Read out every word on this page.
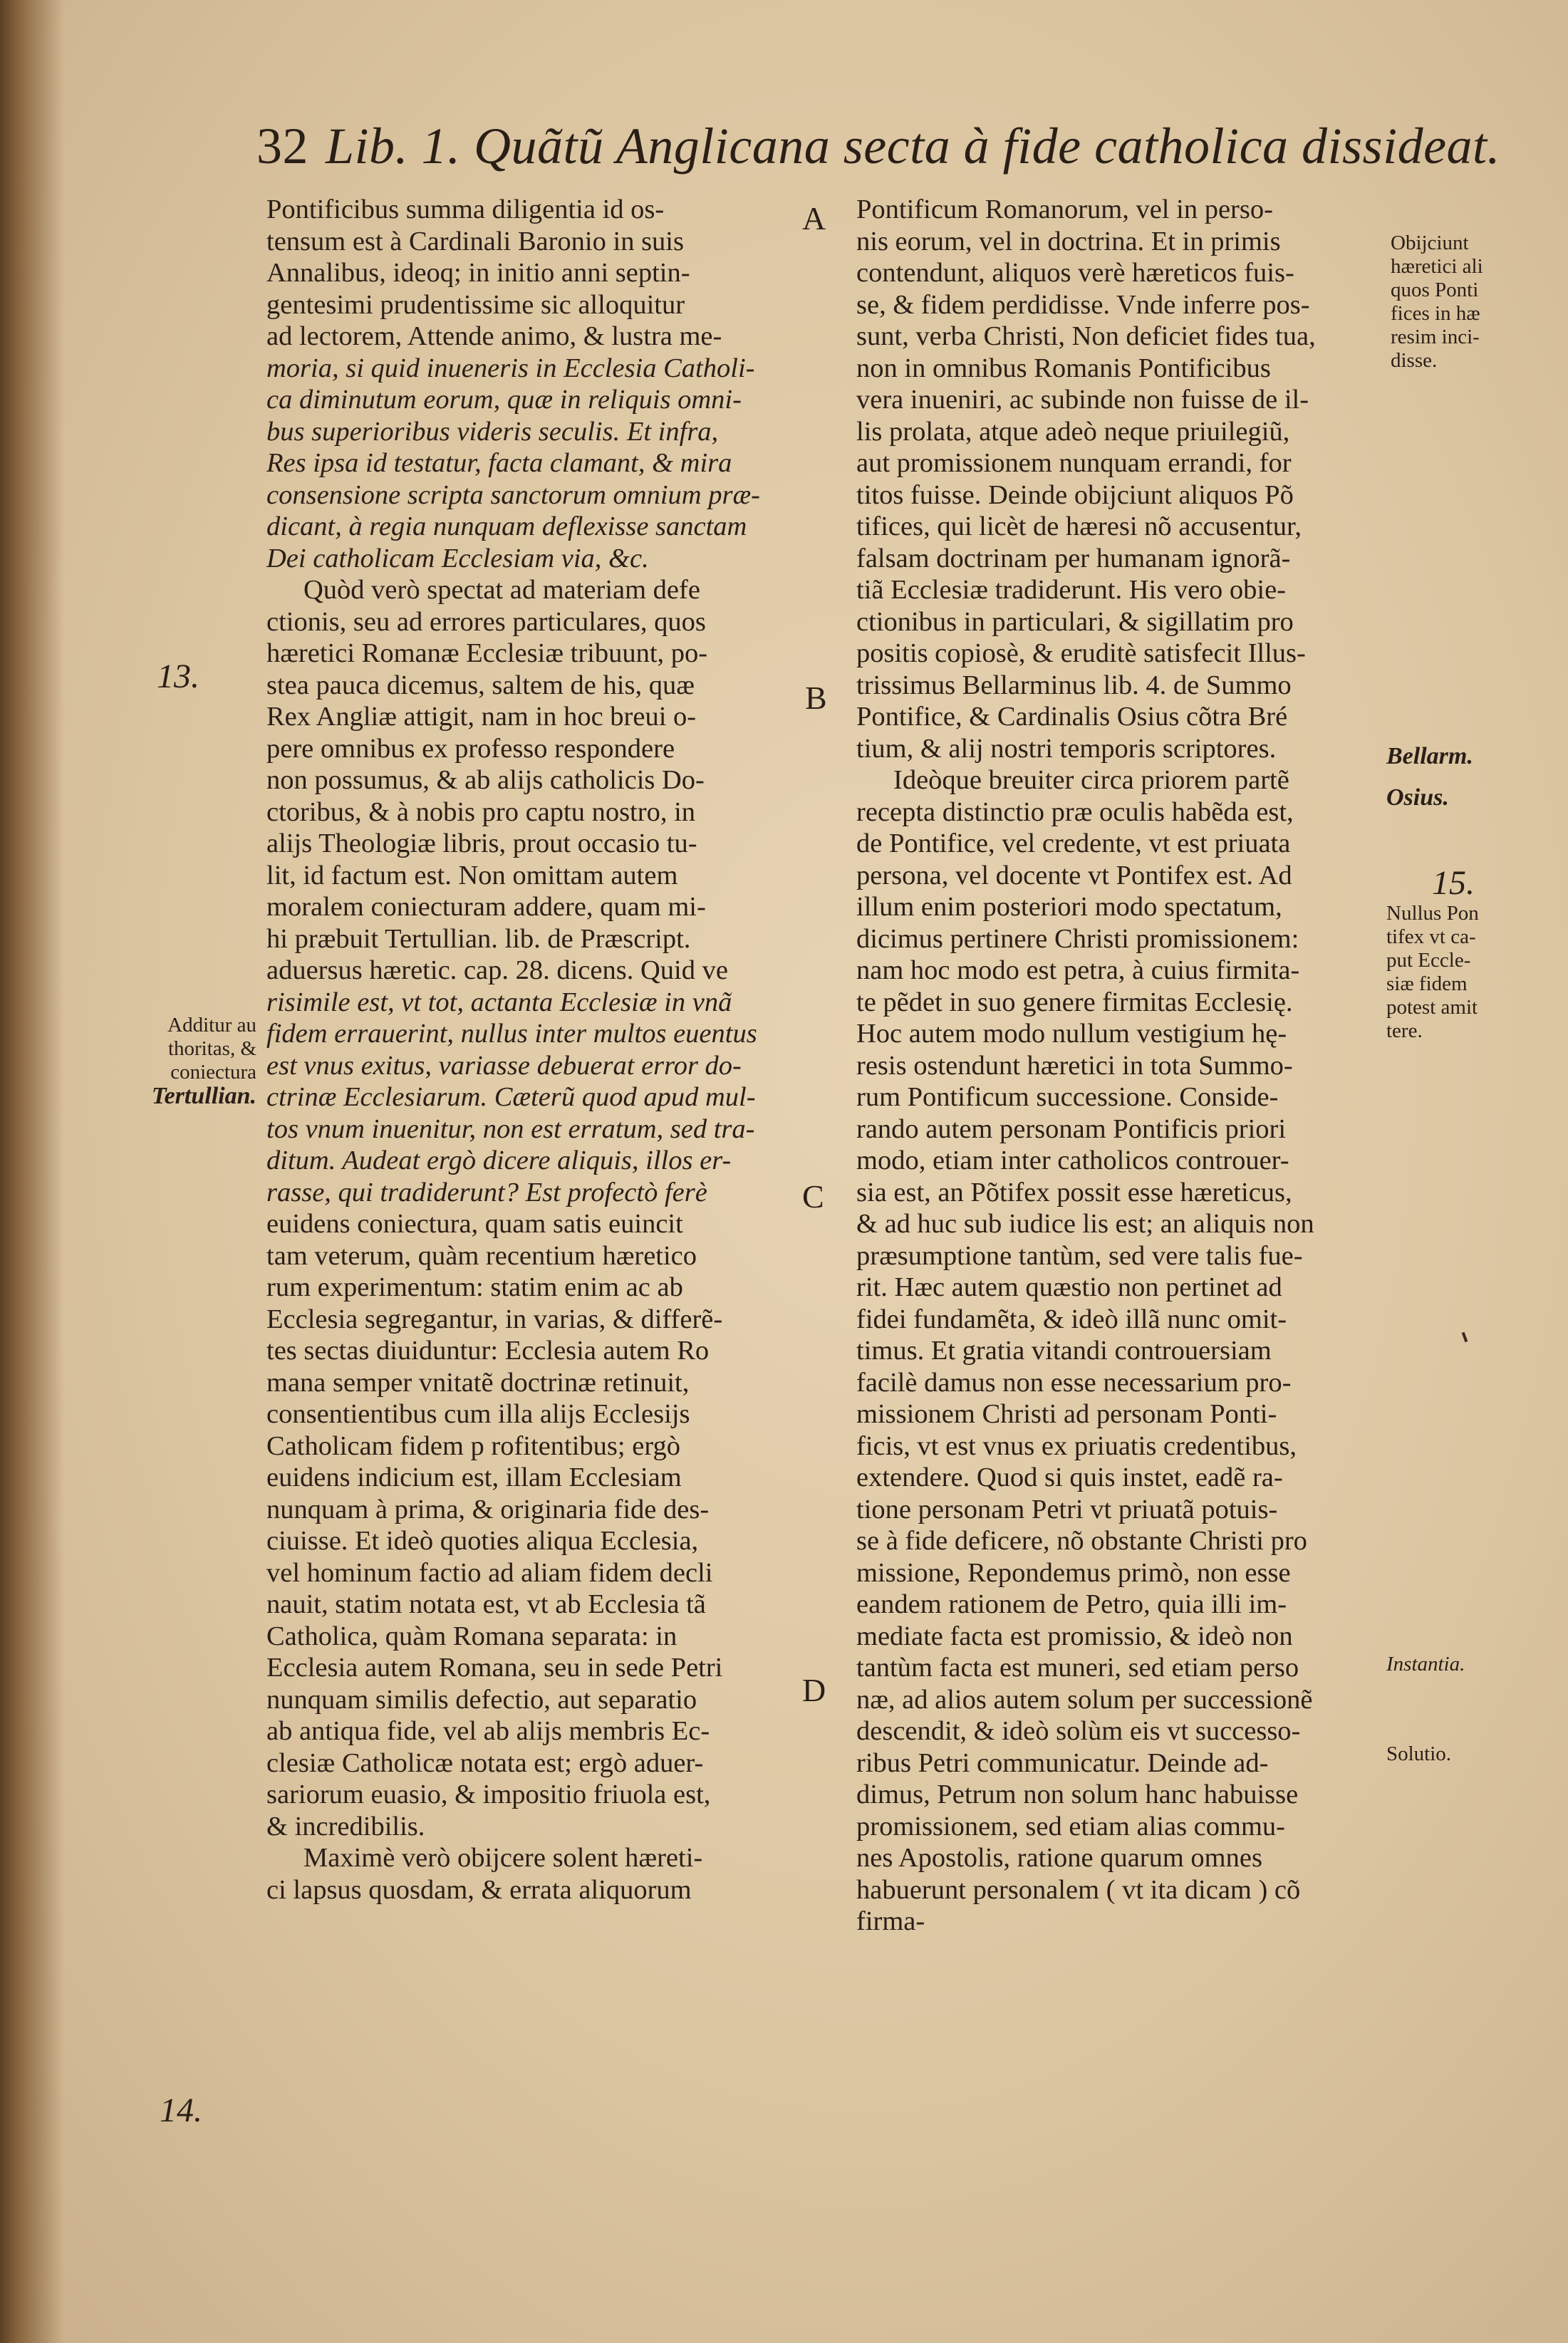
32 Lib. 1. Quãtũ Anglicana secta à fide catholica dissideat.
A
B
C
D
13.
14.
15.
Additur au
thoritas, &
coniectura
Tertullian.
Obijciunt
hæretici ali
quos Ponti
fices in hæ
resim inci-
disse.
Bellarm.
Osius.
Nullus Pon
tifex vt ca-
put Eccle-
siæ fidem
potest amit
tere.
Instantia.
Solutio.
Pontificibus summa diligentia id os-
tensum est à Cardinali Baronio in suis
Annalibus, ideoq; in initio anni septin-
gentesimi prudentissime sic alloquitur
ad lectorem, Attende animo, & lustra me-
moria, si quid inueneris in Ecclesia Catholi-
ca diminutum eorum, quæ in reliquis omni-
bus superioribus videris seculis. Et infra,
Res ipsa id testatur, facta clamant, & mira
consensione scripta sanctorum omnium præ-
dicant, à regia nunquam deflexisse sanctam
Dei catholicam Ecclesiam via, &c.
Quòd verò spectat ad materiam defe
ctionis, seu ad errores particulares, quos
hæretici Romanæ Ecclesiæ tribuunt, po-
stea pauca dicemus, saltem de his, quæ
Rex Angliæ attigit, nam in hoc breui o-
pere omnibus ex professo respondere
non possumus, & ab alijs catholicis Do-
ctoribus, & à nobis pro captu nostro, in
alijs Theologiæ libris, prout occasio tu-
lit, id factum est. Non omittam autem
moralem coniecturam addere, quam mi-
hi præbuit Tertullian. lib. de Præscript.
aduersus hæretic. cap. 28. dicens. Quid ve
risimile est, vt tot, actanta Ecclesiæ in vnã
fidem errauerint, nullus inter multos euentus
est vnus exitus, variasse debuerat error do-
ctrinæ Ecclesiarum. Cæterũ quod apud mul-
tos vnum inuenitur, non est erratum, sed tra-
ditum. Audeat ergò dicere aliquis, illos er-
rasse, qui tradiderunt? Est profectò ferè
euidens coniectura, quam satis euincit
tam veterum, quàm recentium hæretico
rum experimentum: statim enim ac ab
Ecclesia segregantur, in varias, & differẽ-
tes sectas diuiduntur: Ecclesia autem Ro
mana semper vnitatẽ doctrinæ retinuit,
consentientibus cum illa alijs Ecclesijs
Catholicam fidem p rofitentibus; ergò
euidens indicium est, illam Ecclesiam
nunquam à prima, & originaria fide des-
ciuisse. Et ideò quoties aliqua Ecclesia,
vel hominum factio ad aliam fidem decli
nauit, statim notata est, vt ab Ecclesia tã
Catholica, quàm Romana separata: in
Ecclesia autem Romana, seu in sede Petri
nunquam similis defectio, aut separatio
ab antiqua fide, vel ab alijs membris Ec-
clesiæ Catholicæ notata est; ergò aduer-
sariorum euasio, & impositio friuola est,
& incredibilis.
Maximè verò obijcere solent hæreti-
ci lapsus quosdam, & errata aliquorum
Pontificum Romanorum, vel in perso-
nis eorum, vel in doctrina. Et in primis
contendunt, aliquos verè hæreticos fuis-
se, & fidem perdidisse. Vnde inferre pos-
sunt, verba Christi, Non deficiet fides tua,
non in omnibus Romanis Pontificibus
vera inueniri, ac subinde non fuisse de il-
lis prolata, atque adeò neque priuilegiũ,
aut promissionem nunquam errandi, for
titos fuisse. Deinde obijciunt aliquos Põ
tifices, qui licèt de hæresi nõ accusentur,
falsam doctrinam per humanam ignorã-
tiã Ecclesiæ tradiderunt. His vero obie-
ctionibus in particulari, & sigillatim pro
positis copiosè, & eruditè satisfecit Illus-
trissimus Bellarminus lib. 4. de Summo
Pontifice, & Cardinalis Osius cõtra Bré
tium, & alij nostri temporis scriptores.
Ideòque breuiter circa priorem partẽ
recepta distinctio præ oculis habẽda est,
de Pontifice, vel credente, vt est priuata
persona, vel docente vt Pontifex est. Ad
illum enim posteriori modo spectatum,
dicimus pertinere Christi promissionem:
nam hoc modo est petra, à cuius firmita-
te pẽdet in suo genere firmitas Ecclesię.
Hoc autem modo nullum vestigium hę-
resis ostendunt hæretici in tota Summo-
rum Pontificum successione. Conside-
rando autem personam Pontificis priori
modo, etiam inter catholicos controuer-
sia est, an Põtifex possit esse hæreticus,
& ad huc sub iudice lis est; an aliquis non
præsumptione tantùm, sed vere talis fue-
rit. Hæc autem quæstio non pertinet ad
fidei fundamẽta, & ideò illã nunc omit-
timus. Et gratia vitandi controuersiam
facilè damus non esse necessarium pro-
missionem Christi ad personam Ponti-
ficis, vt est vnus ex priuatis credentibus,
extendere. Quod si quis instet, eadẽ ra-
tione personam Petri vt priuatã potuis-
se à fide deficere, nõ obstante Christi pro
missione, Repondemus primò, non esse
eandem rationem de Petro, quia illi im-
mediate facta est promissio, & ideò non
tantùm facta est muneri, sed etiam perso
næ, ad alios autem solum per successionẽ
descendit, & ideò solùm eis vt successo-
ribus Petri communicatur. Deinde ad-
dimus, Petrum non solum hanc habuisse
promissionem, sed etiam alias commu-
nes Apostolis, ratione quarum omnes
habuerunt personalem ( vt ita dicam ) cõ
firma-
